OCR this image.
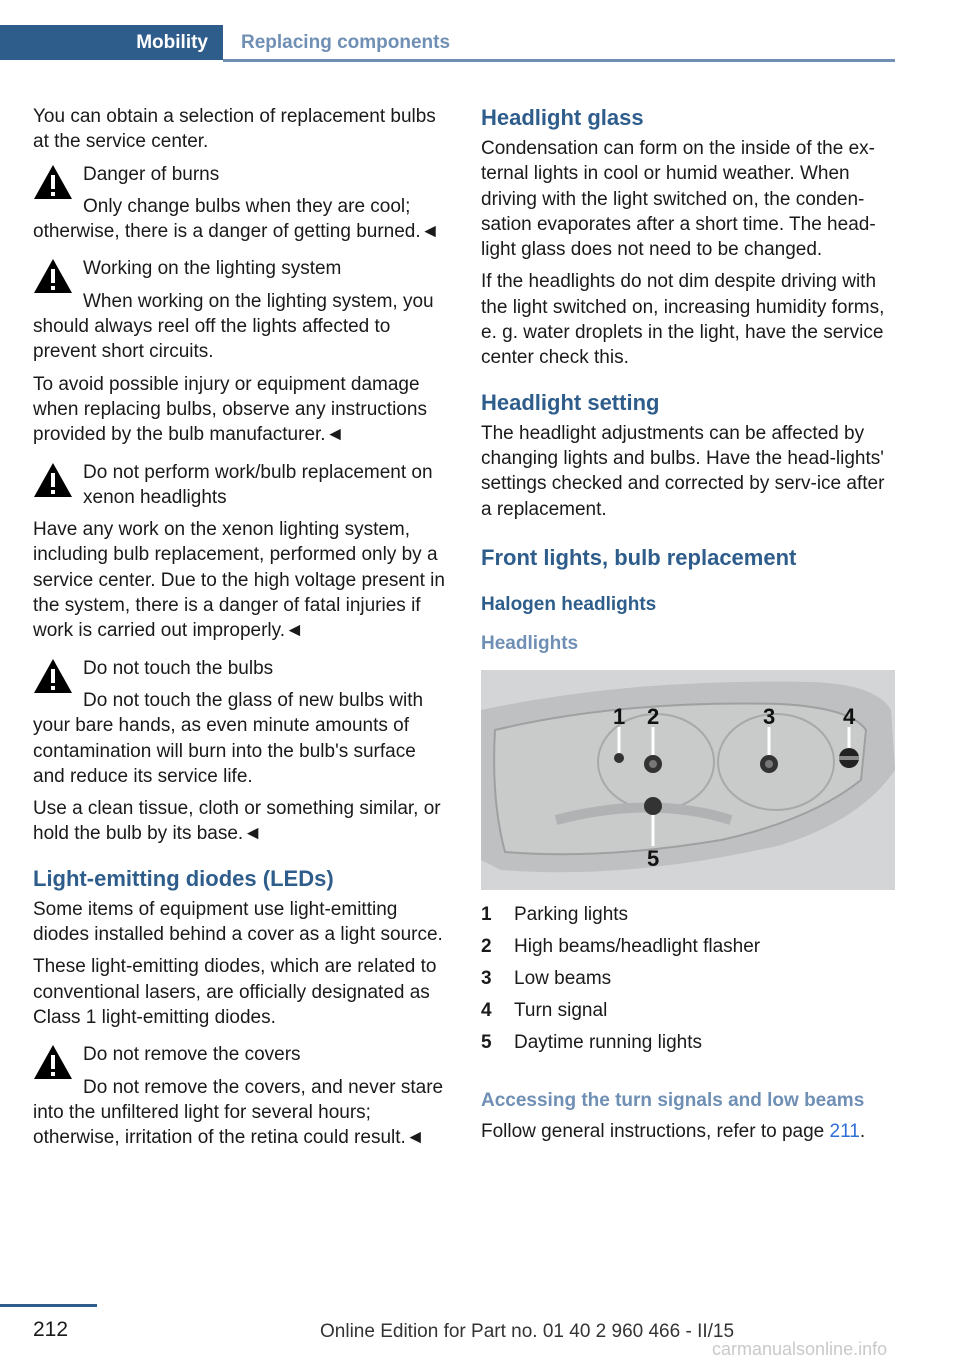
Mobility	Replacing components

You can obtain a selection of replacement bulbs at the service center.

Danger of burns
Only change bulbs when they are cool; otherwise, there is a danger of getting burned.◄
Working on the lighting system
When working on the lighting system, you should always reel off the lights affected to prevent short circuits.

To avoid possible injury or equipment damage when replacing bulbs, observe any instructions provided by the bulb manufacturer.◄

Do not perform work/bulb replacement on xenon headlights

Have any work on the xenon lighting system, including bulb replacement, performed only by a service center. Due to the high voltage present in the system, there is a danger of fatal injuries if work is carried out improperly.◄

Do not touch the bulbs
Do not touch the glass of new bulbs with your bare hands, as even minute amounts of contamination will burn into the bulb's surface and reduce its service life.

Use a clean tissue, cloth or something similar, or hold the bulb by its base.◄

Light-emitting diodes (LEDs)

Some items of equipment use light-emitting diodes installed behind a cover as a light source.

These light-emitting diodes, which are related to conventional lasers, are officially designated as Class 1 light-emitting diodes.

Do not remove the covers
Do not remove the covers, and never stare into the unfiltered light for several hours; otherwise, irritation of the retina could result.◄
Headlight glass

Condensation can form on the inside of the ex-ternal lights in cool or humid weather. When driving with the light switched on, the conden-sation evaporates after a short time. The head-light glass does not need to be changed.

If the headlights do not dim despite driving with the light switched on, increasing humidity forms, e. g. water droplets in the light, have the service center check this.

Headlight setting

The headlight adjustments can be affected by changing lights and bulbs. Have the head-lights' settings checked and corrected by serv-ice after a replacement.

Front lights, bulb replacement
Halogen headlights
Headlights
1 2	3	4
5
1	Parking lights
2	High beams/headlight flasher
3	Low beams
4	Turn signal
5	Daytime running lights
Accessing the turn signals and low beams

Follow general instructions, refer to page 211.

212	Online Edition for Part no. 01 40 2 960 466 - II/15
carmanualsonline.info
